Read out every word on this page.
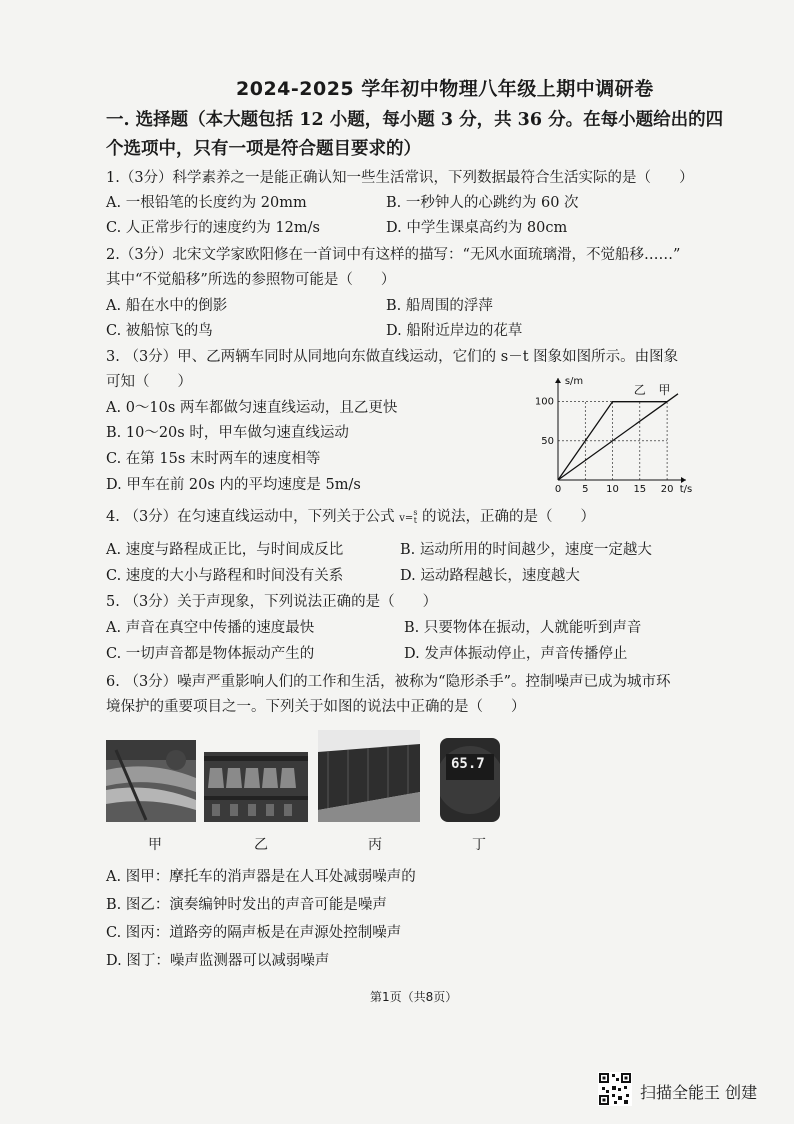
2024-2025 学年初中物理八年级上期中调研卷
一. 选择题（本大题包括 12 小题，每小题 3 分，共 36 分。在每小题给出的四
个选项中，只有一项是符合题目要求的）
1.（3分）科学素养之一是能正确认知一些生活常识，下列数据最符合生活实际的是（ ）
A. 一根铅笔的长度约为 20mm	B. 一秒钟人的心跳约为 60 次
C. 人正常步行的速度约为 12m/s	D. 中学生课桌高约为 80cm
2.（3分）北宋文学家欧阳修在一首词中有这样的描写：“无风水面琉璃滑，不觉船移……”
其中“不觉船移”所选的参照物可能是（ ）
A. 船在水中的倒影	B. 船周围的浮萍
C. 被船惊飞的鸟	D. 船附近岸边的花草
3. （3分）甲、乙两辆车同时从同地向东做直线运动，它们的 s－t 图象如图所示。由图象
可知（ ）
A. 0～10s 两车都做匀速直线运动，且乙更快
B. 10～20s 时，甲车做匀速直线运动
C. 在第 15s 末时两车的速度相等
D. 甲车在前 20s 内的平均速度是 5m/s
s/m
t/s
0 5 10 15 20
50
100
乙 甲
4. （3分）在匀速直线运动中，下列关于公式 v=s
t 的说法，正确的是（ ）
A. 速度与路程成正比，与时间成反比	B. 运动所用的时间越少，速度一定越大
C. 速度的大小与路程和时间没有关系	D. 运动路程越长，速度越大
5. （3分）关于声现象，下列说法正确的是（ ）
A. 声音在真空中传播的速度最快	B. 只要物体在振动，人就能听到声音
C. 一切声音都是物体振动产生的	D. 发声体振动停止，声音传播停止
6. （3分）噪声严重影响人们的工作和生活，被称为“隐形杀手”。控制噪声已成为城市环
境保护的重要项目之一。下列关于如图的说法中正确的是（ ）
65.7
甲	乙	丙	丁
A. 图甲：摩托车的消声器是在人耳处减弱噪声的
B. 图乙：演奏编钟时发出的声音可能是噪声
C. 图丙：道路旁的隔声板是在声源处控制噪声
D. 图丁：噪声监测器可以减弱噪声
第1页（共8页）
扫描全能王 创建
